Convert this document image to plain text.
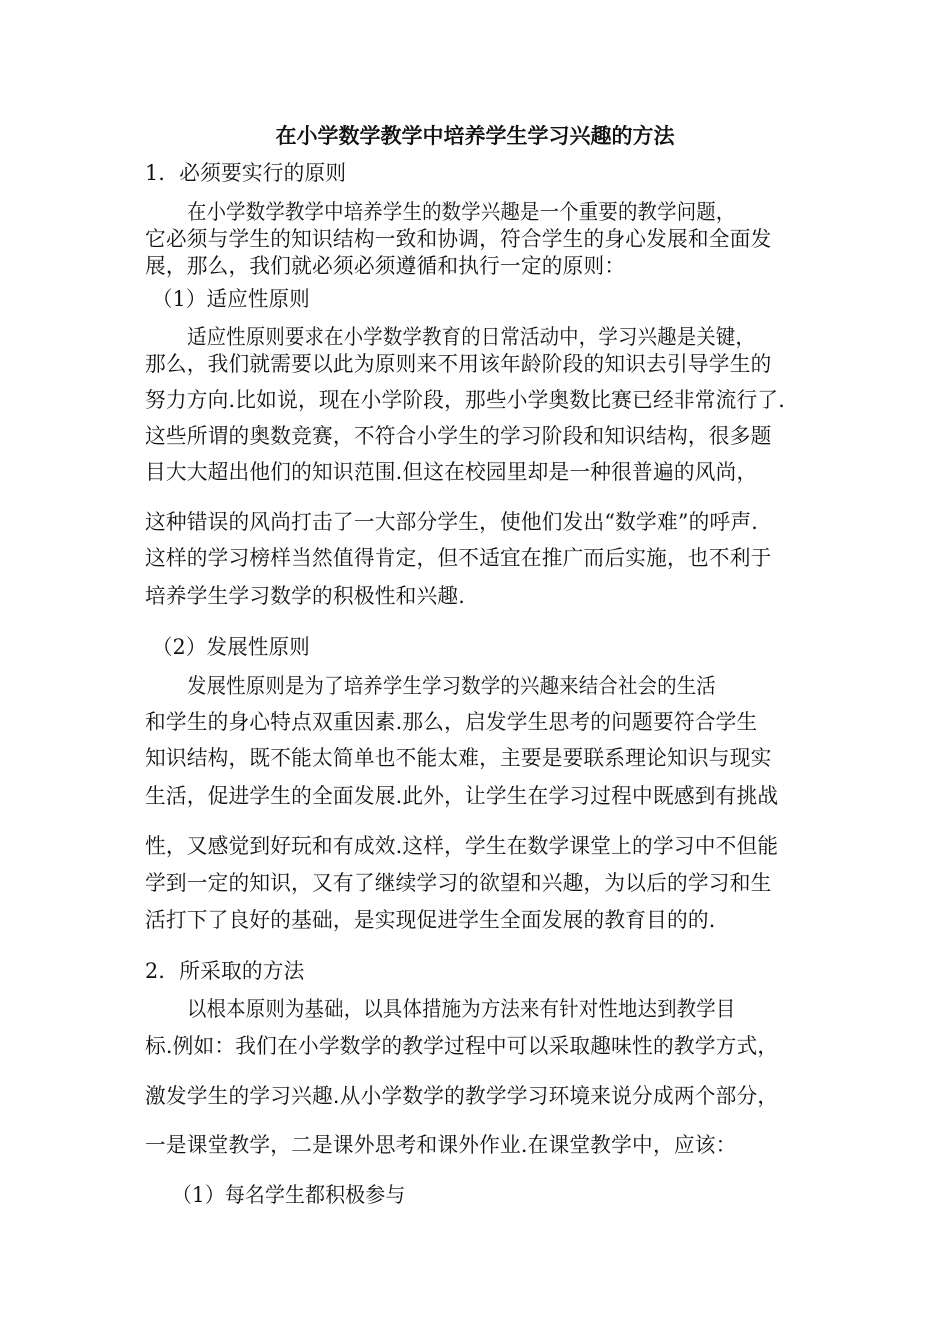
在小学数学教学中培养学生学习兴趣的方法
1．必须要实行的原则
在小学数学教学中培养学生的数学兴趣是一个重要的教学问题，
它必须与学生的知识结构一致和协调，符合学生的身心发展和全面发
展，那么，我们就必须必须遵循和执行一定的原则：
（1）适应性原则
适应性原则要求在小学数学教育的日常活动中，学习兴趣是关键，
那么，我们就需要以此为原则来不用该年龄阶段的知识去引导学生的
努力方向.比如说，现在小学阶段，那些小学奥数比赛已经非常流行了.
这些所谓的奥数竞赛，不符合小学生的学习阶段和知识结构，很多题
目大大超出他们的知识范围.但这在校园里却是一种很普遍的风尚，
这种错误的风尚打击了一大部分学生，使他们发出“数学难”的呼声.
这样的学习榜样当然值得肯定，但不适宜在推广而后实施，也不利于
培养学生学习数学的积极性和兴趣.
（2）发展性原则
发展性原则是为了培养学生学习数学的兴趣来结合社会的生活
和学生的身心特点双重因素.那么，启发学生思考的问题要符合学生
知识结构，既不能太简单也不能太难，主要是要联系理论知识与现实
生活，促进学生的全面发展.此外，让学生在学习过程中既感到有挑战
性，又感觉到好玩和有成效.这样，学生在数学课堂上的学习中不但能
学到一定的知识，又有了继续学习的欲望和兴趣，为以后的学习和生
活打下了良好的基础，是实现促进学生全面发展的教育目的的.
2．所采取的方法
以根本原则为基础，以具体措施为方法来有针对性地达到教学目
标.例如：我们在小学数学的教学过程中可以采取趣味性的教学方式，
激发学生的学习兴趣.从小学数学的教学学习环境来说分成两个部分，
一是课堂教学，二是课外思考和课外作业.在课堂教学中，应该：
（1）每名学生都积极参与
